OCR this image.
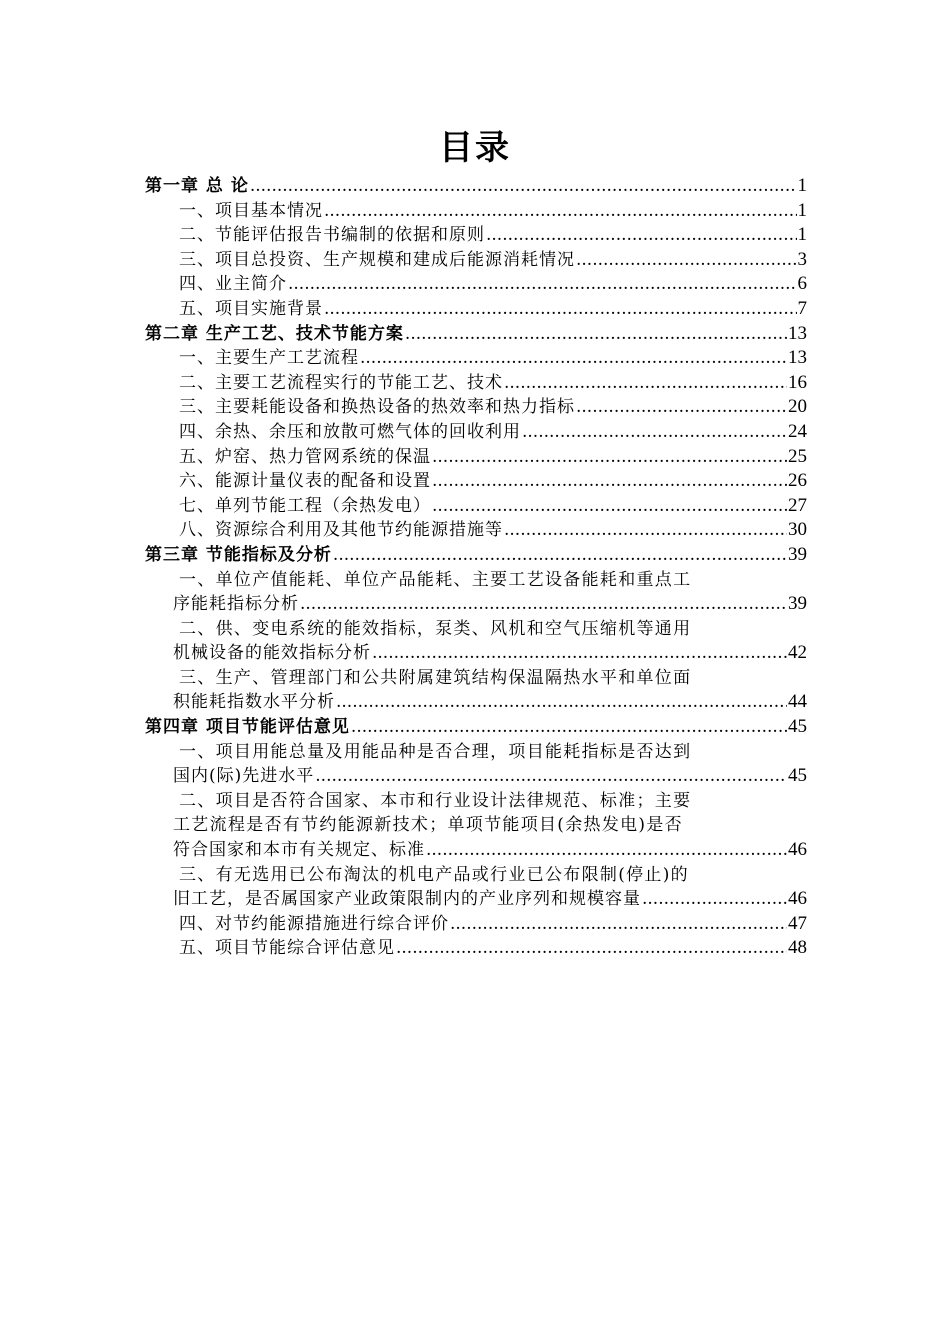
目录
第一章 总 论 .....	1
一、项目基本情况 .....	1
二、节能评估报告书编制的依据和原则 .....	1
三、项目总投资、生产规模和建成后能源消耗情况 .....	3
四、业主简介 .....	6
五、项目实施背景 .....	7
第二章 生产工艺、技术节能方案 .....	13
一、主要生产工艺流程 .....	13
二、主要工艺流程实行的节能工艺、技术 .....	16
三、主要耗能设备和换热设备的热效率和热力指标 .....	20
四、余热、余压和放散可燃气体的回收利用 .....	24
五、炉窑、热力管网系统的保温 .....	25
六、能源计量仪表的配备和设置 .....	26
七、单列节能工程（余热发电） .....	27
八、资源综合利用及其他节约能源措施等 .....	30
第三章 节能指标及分析 .....	39
一、单位产值能耗、单位产品能耗、主要工艺设备能耗和重点工
序能耗指标分析 .....	39
二、供、变电系统的能效指标，泵类、风机和空气压缩机等通用
机械设备的能效指标分析 .....	42
三、生产、管理部门和公共附属建筑结构保温隔热水平和单位面
积能耗指数水平分析 .....	44
第四章 项目节能评估意见 .....	45
一、项目用能总量及用能品种是否合理，项目能耗指标是否达到
国内(际)先进水平 .....	45
二、项目是否符合国家、本市和行业设计法律规范、标准；主要
工艺流程是否有节约能源新技术；单项节能项目(余热发电)是否
符合国家和本市有关规定、标准 .....	46
三、有无选用已公布淘汰的机电产品或行业已公布限制(停止)的
旧工艺，是否属国家产业政策限制内的产业序列和规模容量 .....	46
四、对节约能源措施进行综合评价 .....	47
五、项目节能综合评估意见 .....	48
